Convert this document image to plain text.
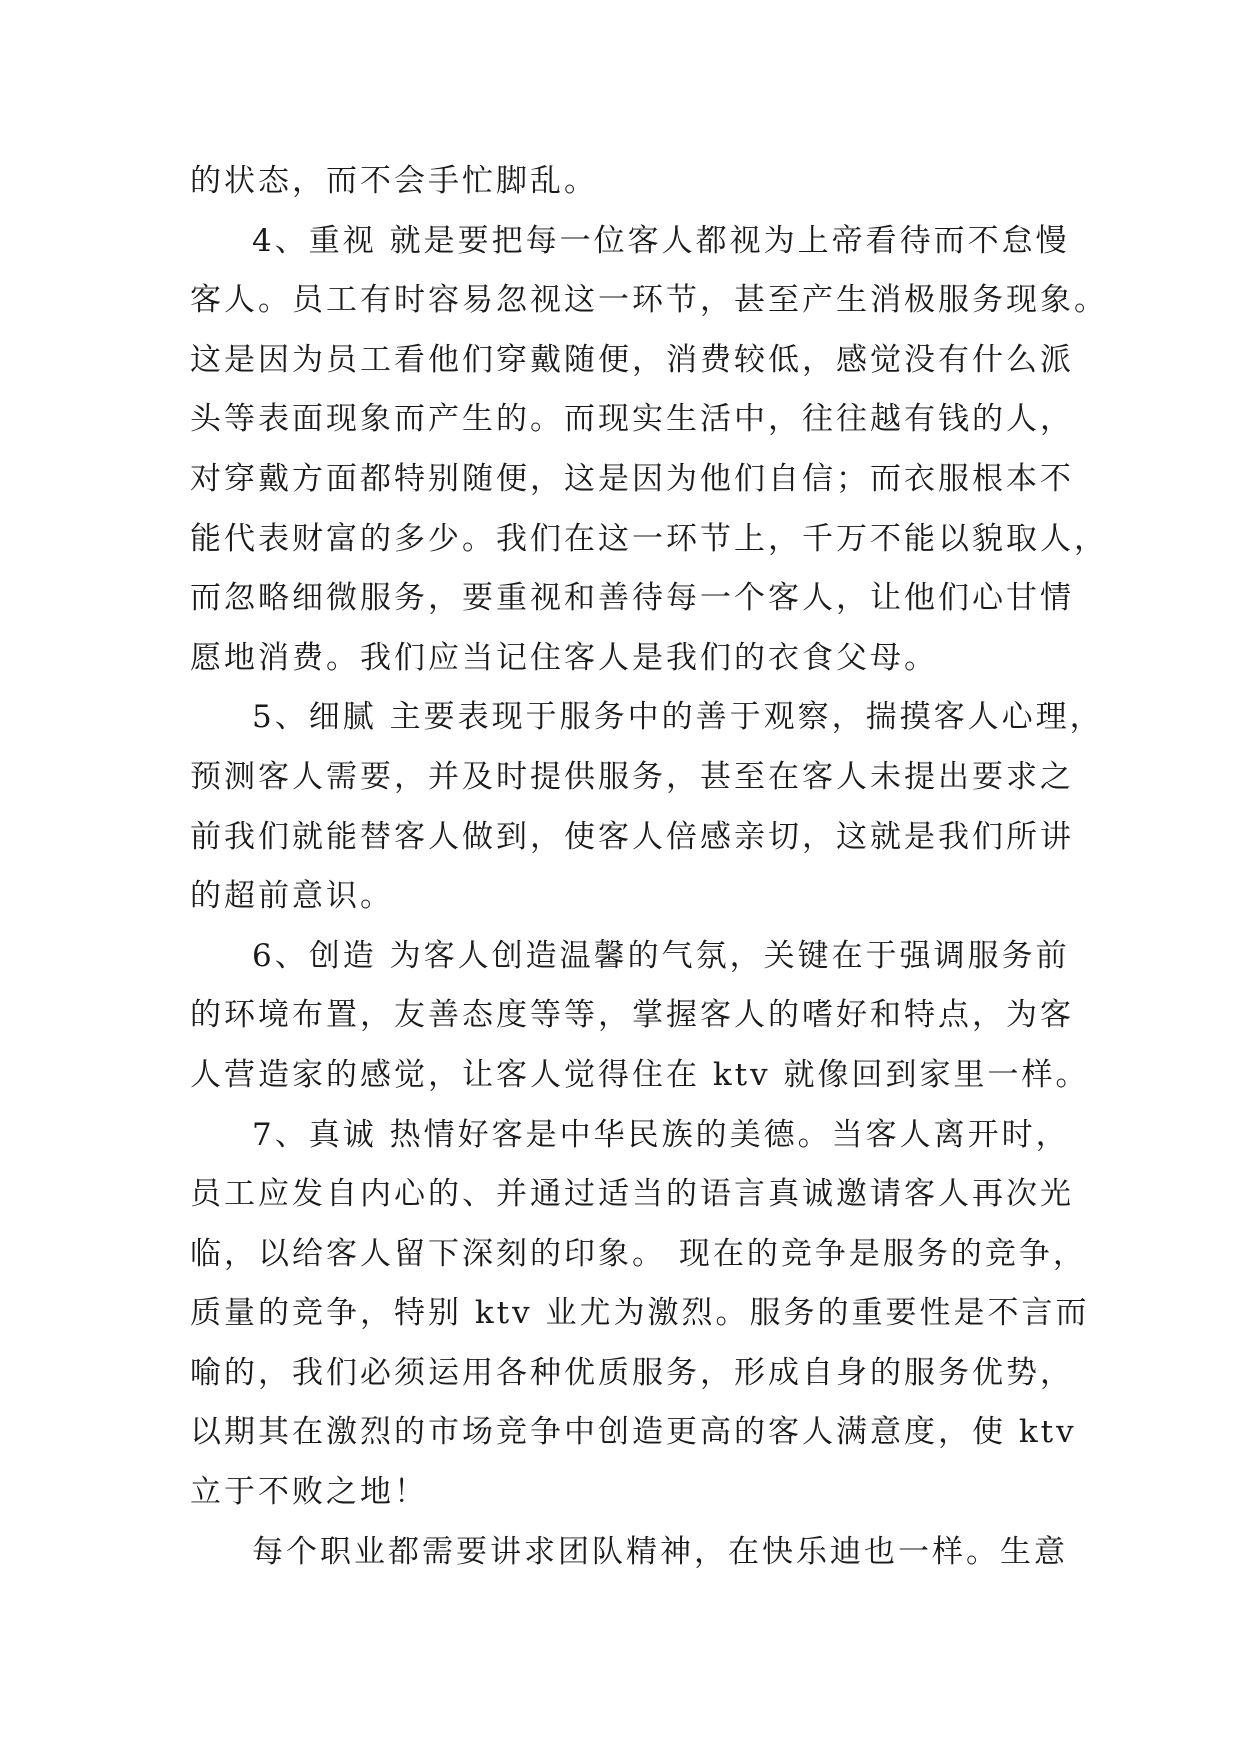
的状态，而不会手忙脚乱。
4、重视 就是要把每一位客人都视为上帝看待而不怠慢
客人。员工有时容易忽视这一环节，甚至产生消极服务现象。
这是因为员工看他们穿戴随便，消费较低，感觉没有什么派
头等表面现象而产生的。而现实生活中，往往越有钱的人，
对穿戴方面都特别随便，这是因为他们自信；而衣服根本不
能代表财富的多少。我们在这一环节上，千万不能以貌取人，
而忽略细微服务，要重视和善待每一个客人，让他们心甘情
愿地消费。我们应当记住客人是我们的衣食父母。
5、细腻 主要表现于服务中的善于观察，揣摸客人心理，
预测客人需要，并及时提供服务，甚至在客人未提出要求之
前我们就能替客人做到，使客人倍感亲切，这就是我们所讲
的超前意识。
6、创造 为客人创造温馨的气氛，关键在于强调服务前
的环境布置，友善态度等等，掌握客人的嗜好和特点，为客
人营造家的感觉，让客人觉得住在 ktv 就像回到家里一样。
7、真诚 热情好客是中华民族的美德。当客人离开时，
员工应发自内心的、并通过适当的语言真诚邀请客人再次光
临，以给客人留下深刻的印象。 现在的竞争是服务的竞争，
质量的竞争，特别 ktv 业尤为激烈。服务的重要性是不言而
喻的，我们必须运用各种优质服务，形成自身的服务优势，
以期其在激烈的市场竞争中创造更高的客人满意度，使 ktv
立于不败之地！
每个职业都需要讲求团队精神，在快乐迪也一样。生意
